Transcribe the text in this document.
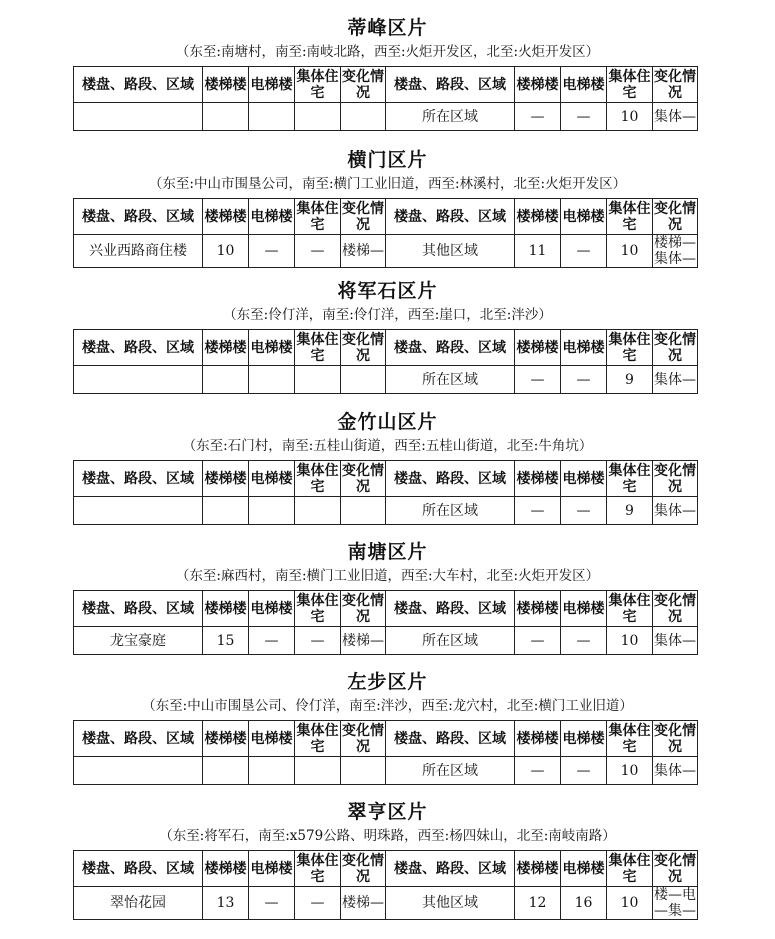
蒂峰区片
（东至:南塘村，南至:南岐北路，西至:火炬开发区，北至:火炬开发区）
楼盘、路段、区域	楼梯楼	电梯楼	集体住宅	变化情况	楼盘、路段、区域	楼梯楼	电梯楼	集体住宅	变化情况
					所在区域	—	—	10	集体—
横门区片
（东至:中山市围垦公司，南至:横门工业旧道，西至:林溪村，北至:火炬开发区）
楼盘、路段、区域	楼梯楼	电梯楼	集体住宅	变化情况	楼盘、路段、区域	楼梯楼	电梯楼	集体住宅	变化情况
兴业西路商住楼	10	—	—	楼梯—	其他区域	11	—	10	楼梯—集体—
将军石区片
（东至:伶仃洋，南至:伶仃洋，西至:崖口，北至:泮沙）
楼盘、路段、区域	楼梯楼	电梯楼	集体住宅	变化情况	楼盘、路段、区域	楼梯楼	电梯楼	集体住宅	变化情况
					所在区域	—	—	9	集体—
金竹山区片
（东至:石门村，南至:五桂山街道，西至:五桂山街道，北至:牛角坑）
楼盘、路段、区域	楼梯楼	电梯楼	集体住宅	变化情况	楼盘、路段、区域	楼梯楼	电梯楼	集体住宅	变化情况
					所在区域	—	—	9	集体—
南塘区片
（东至:麻西村，南至:横门工业旧道，西至:大车村，北至:火炬开发区）
楼盘、路段、区域	楼梯楼	电梯楼	集体住宅	变化情况	楼盘、路段、区域	楼梯楼	电梯楼	集体住宅	变化情况
龙宝豪庭	15	—	—	楼梯—	所在区域	—	—	10	集体—
左步区片
（东至:中山市围垦公司、伶仃洋，南至:泮沙，西至:龙穴村，北至:横门工业旧道）
楼盘、路段、区域	楼梯楼	电梯楼	集体住宅	变化情况	楼盘、路段、区域	楼梯楼	电梯楼	集体住宅	变化情况
					所在区域	—	—	10	集体—
翠亨区片
（东至:将军石，南至:x579公路、明珠路，西至:杨四妹山，北至:南岐南路）
楼盘、路段、区域	楼梯楼	电梯楼	集体住宅	变化情况	楼盘、路段、区域	楼梯楼	电梯楼	集体住宅	变化情况
翠怡花园	13	—	—	楼梯—	其他区域	12	16	10	楼—电—集—
